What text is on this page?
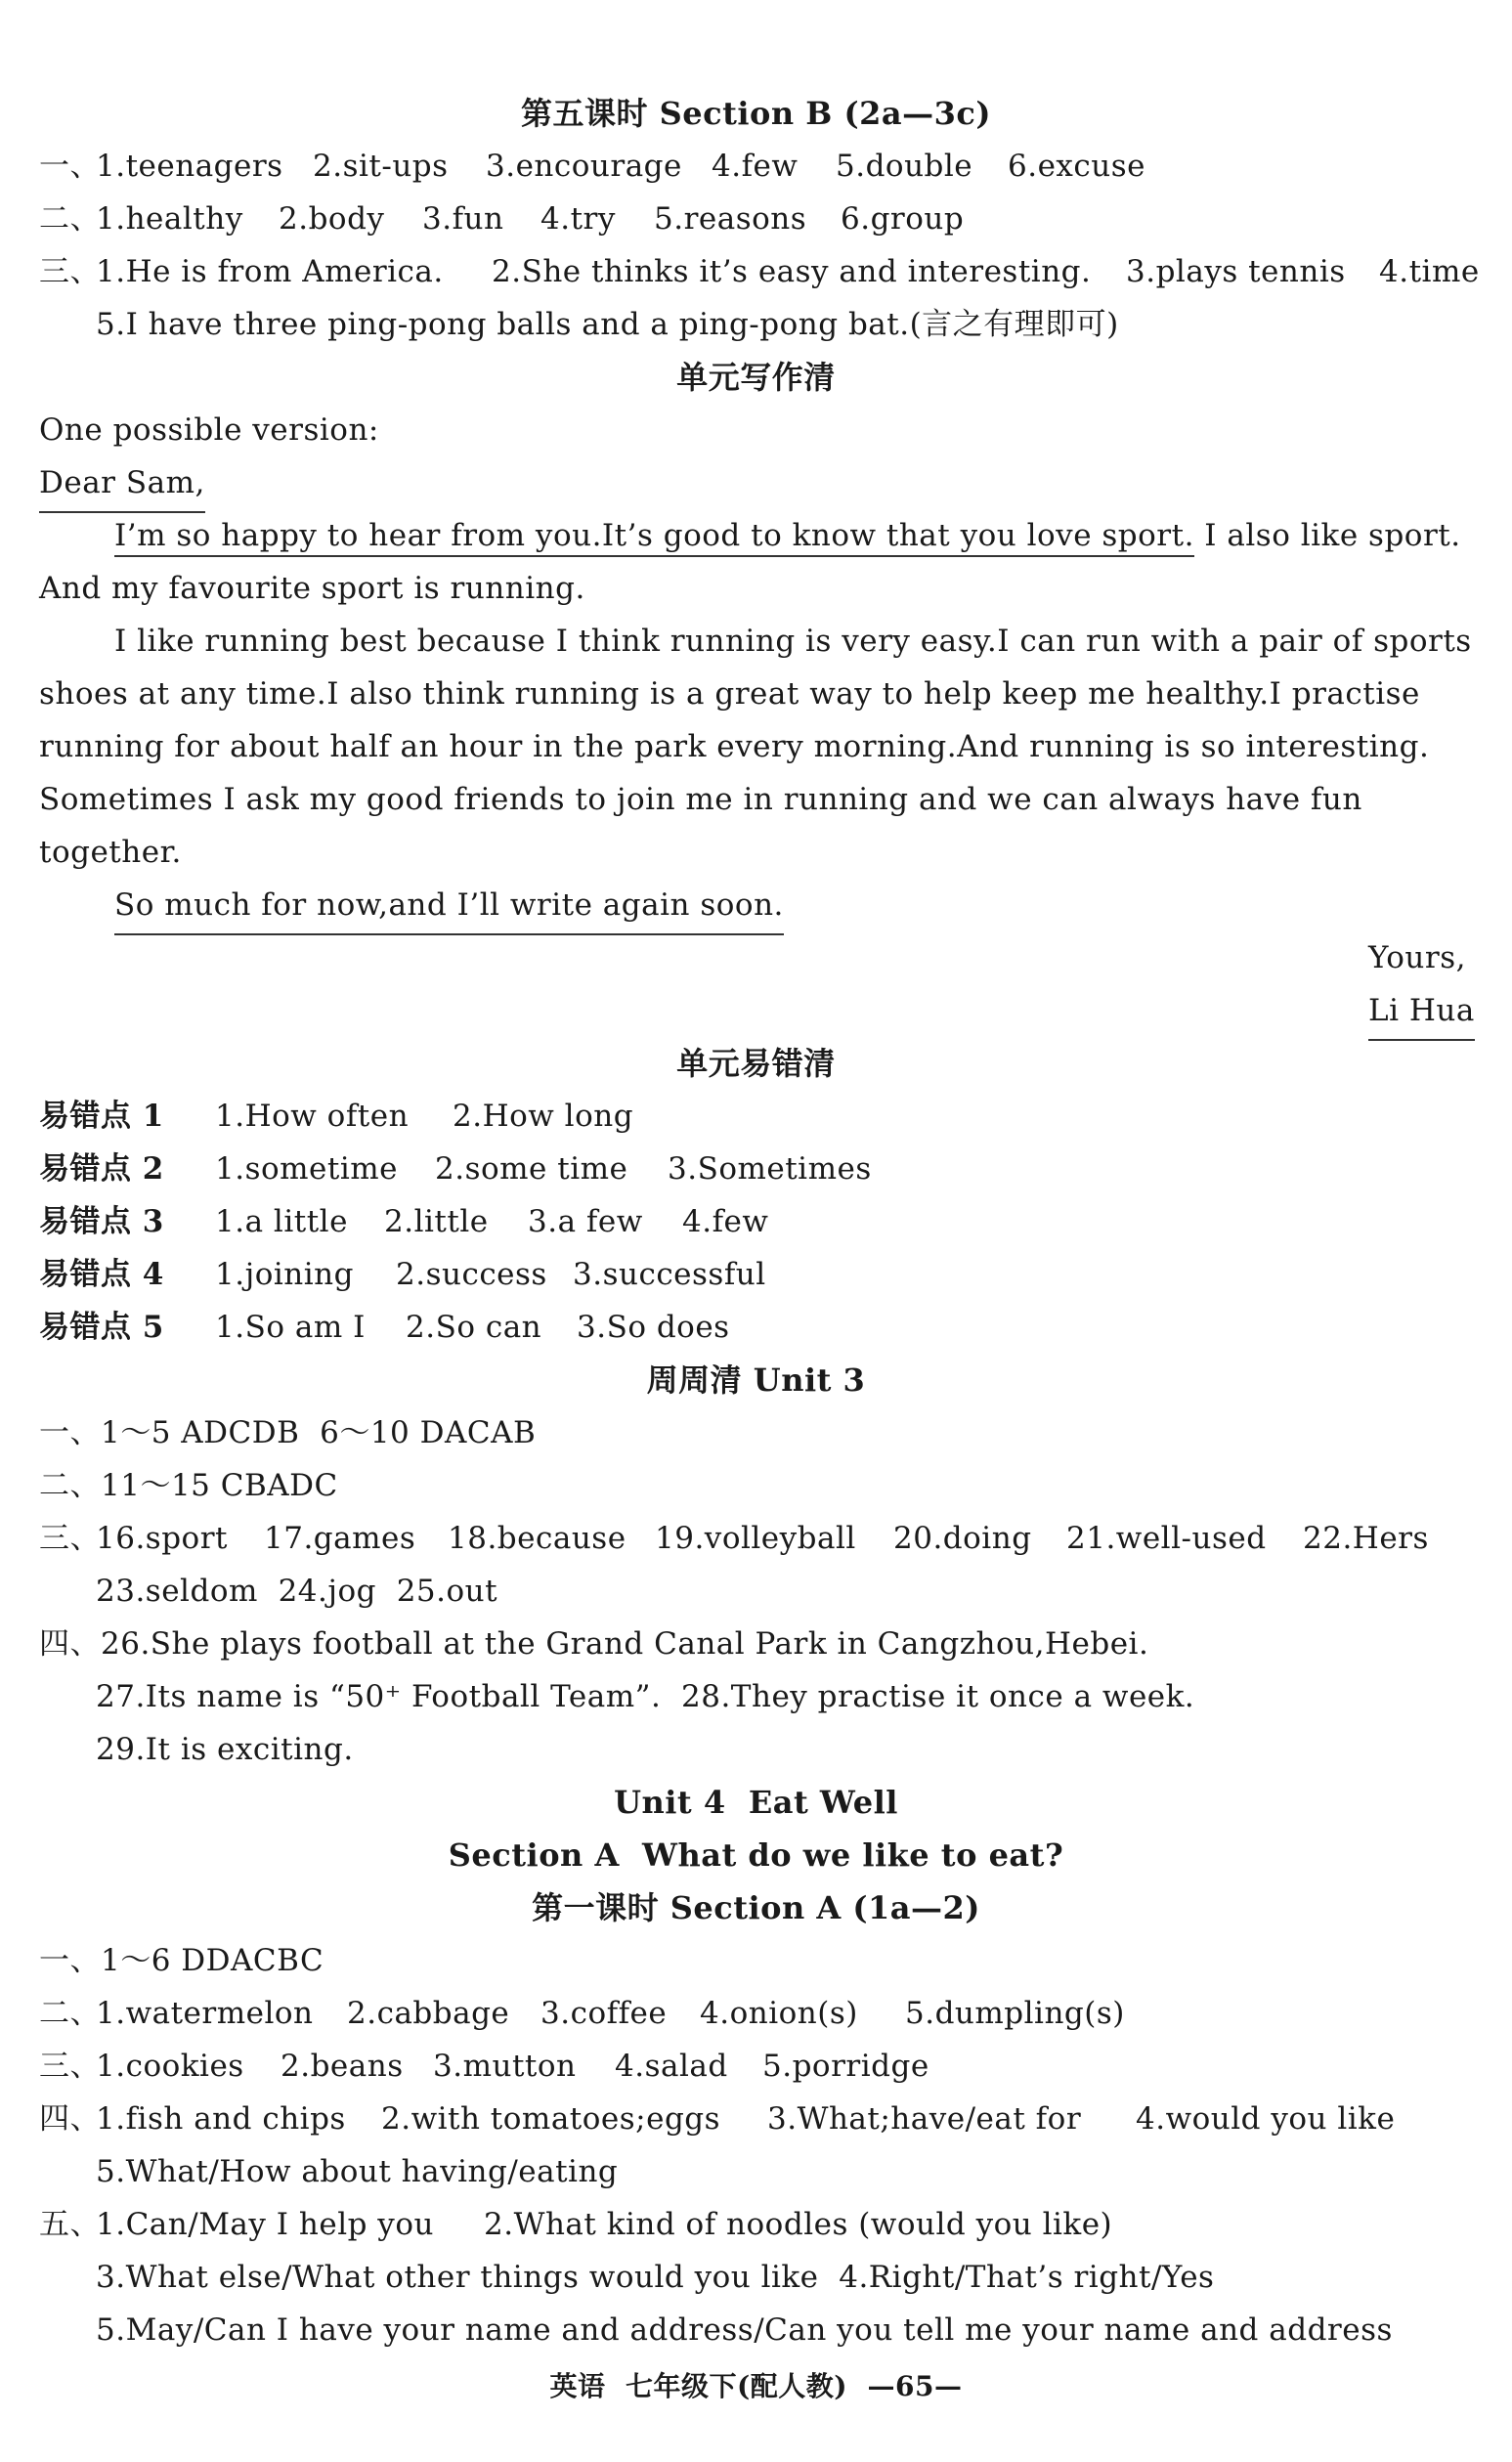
第五课时 Section B (2a—3c)

一、

1.teenagers

2.sit-ups

3.encourage

4.few

5.double

6.excuse

二、

1.healthy

2.body

3.fun

4.try

5.reasons

6.group

三、

1.He is from America.

2.She thinks it’s easy and interesting.

3.plays tennis

4.time

5.I have three ping-pong balls and a ping-pong bat.(言之有理即可)

单元写作清

One possible version:

Dear Sam,

I’m so happy to hear from you.It’s good to know that you love sport. I also like sport.

And my favourite sport is running.

I like running best because I think running is very easy.I can run with a pair of sports

shoes at any time.I also think running is a great way to help keep me healthy.I practise

running for about half an hour in the park every morning.And running is so interesting.

Sometimes I ask my good friends to join me in running and we can always have fun

together.

So much for now,and I’ll write again soon.

Yours,

Li Hua

单元易错清

易错点 1

1.How often

2.How long

易错点 2

1.sometime

2.some time

3.Sometimes

易错点 3

1.a little

2.little

3.a few

4.few

易错点 4

1.joining

2.success

3.successful

易错点 5

1.So am I

2.So can

3.So does

周周清 Unit 3

一、1～5 ADCDB  6～10 DACAB

二、11～15 CBADC

三、

16.sport

17.games

18.because

19.volleyball

20.doing

21.well-used

22.Hers

23.seldom  24.jog  25.out

四、26.She plays football at the Grand Canal Park in Cangzhou,Hebei.

27.Its name is “50⁺ Football Team”.  28.They practise it once a week.

29.It is exciting.

Unit 4  Eat Well
Section A  What do we like to eat?
第一课时 Section A (1a—2)

一、1～6 DDACBC

二、

1.watermelon

2.cabbage

3.coffee

4.onion(s)

5.dumpling(s)

三、

1.cookies

2.beans

3.mutton

4.salad

5.porridge

四、

1.fish and chips

2.with tomatoes;eggs

3.What;have/eat for

4.would you like

5.What/How about having/eating

五、

1.Can/May I help you

2.What kind of noodles (would you like)

3.What else/What other things would you like  4.Right/That’s right/Yes

5.May/Can I have your name and address/Can you tell me your name and address

英语  七年级下(配人教)  —65—
